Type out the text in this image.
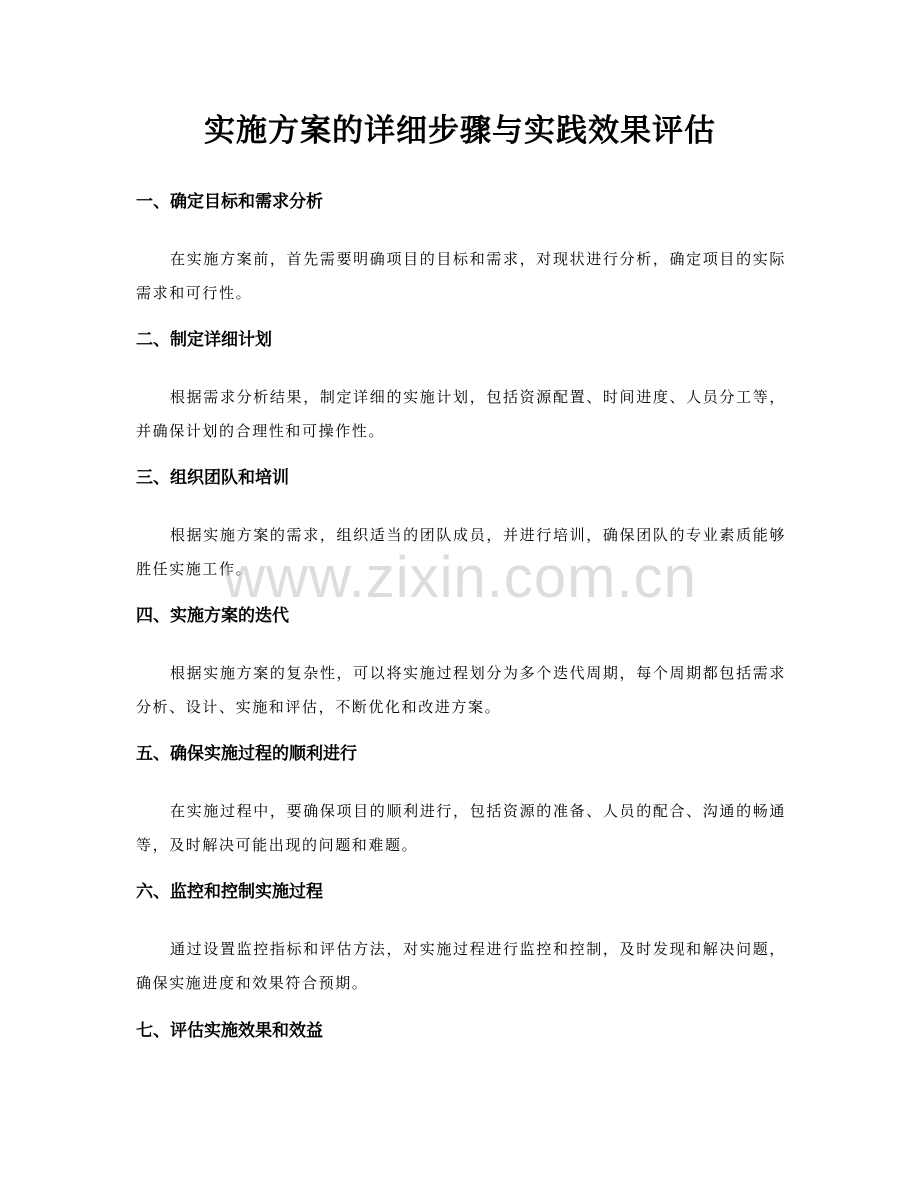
实施方案的详细步骤与实践效果评估

一、确定目标和需求分析

在实施方案前，首先需要明确项目的目标和需求，对现状进行分析，确定项目的实际需求和可行性。

二、制定详细计划

根据需求分析结果，制定详细的实施计划，包括资源配置、时间进度、人员分工等，并确保计划的合理性和可操作性。

三、组织团队和培训

根据实施方案的需求，组织适当的团队成员，并进行培训，确保团队的专业素质能够胜任实施工作。

四、实施方案的迭代

根据实施方案的复杂性，可以将实施过程划分为多个迭代周期，每个周期都包括需求分析、设计、实施和评估，不断优化和改进方案。

五、确保实施过程的顺利进行

在实施过程中，要确保项目的顺利进行，包括资源的准备、人员的配合、沟通的畅通等，及时解决可能出现的问题和难题。

六、监控和控制实施过程

通过设置监控指标和评估方法，对实施过程进行监控和控制，及时发现和解决问题，确保实施进度和效果符合预期。

七、评估实施效果和效益

www.zixin.com.cn
